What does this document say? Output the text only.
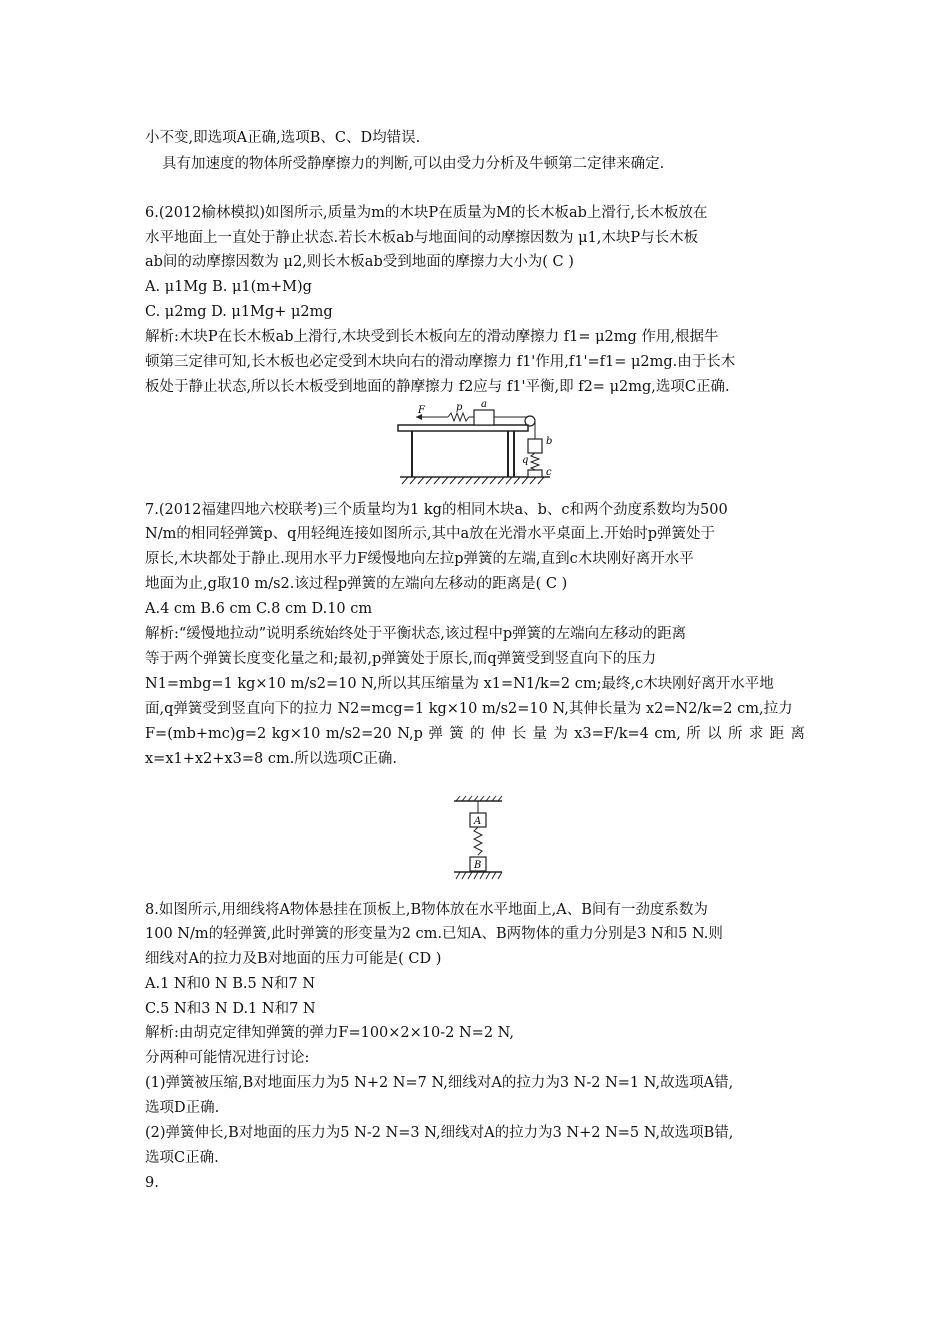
小不变,即选项A正确,选项B、C、D均错误.
具有加速度的物体所受静摩擦力的判断,可以由受力分析及牛顿第二定律来确定.
6.(2012榆林模拟)如图所示,质量为m的木块P在质量为M的长木板ab上滑行,长木板放在
水平地面上一直处于静止状态.若长木板ab与地面间的动摩擦因数为 μ1,木块P与长木板
ab间的动摩擦因数为 μ2,则长木板ab受到地面的摩擦力大小为( C )
A. μ1Mg B. μ1(m+M)g
C. μ2mg D. μ1Mg+ μ2mg
解析:木块P在长木板ab上滑行,木块受到长木板向左的滑动摩擦力 f1= μ2mg 作用,根据牛
顿第三定律可知,长木板也必定受到木块向右的滑动摩擦力 f1'作用,f1'=f1= μ2mg.由于长木
板处于静止状态,所以长木板受到地面的静摩擦力 f2应与 f1'平衡,即 f2= μ2mg,选项C正确.
F	p a
b
q
c
7.(2012福建四地六校联考)三个质量均为1 kg的相同木块a、b、c和两个劲度系数均为500
N/m的相同轻弹簧p、q用轻绳连接如图所示,其中a放在光滑水平桌面上.开始时p弹簧处于
原长,木块都处于静止.现用水平力F缓慢地向左拉p弹簧的左端,直到c木块刚好离开水平
地面为止,g取10 m/s2.该过程p弹簧的左端向左移动的距离是( C )
A.4 cm B.6 cm C.8 cm D.10 cm
解析:“缓慢地拉动”说明系统始终处于平衡状态,该过程中p弹簧的左端向左移动的距离
等于两个弹簧长度变化量之和;最初,p弹簧处于原长,而q弹簧受到竖直向下的压力
N1=mbg=1 kg×10 m/s2=10 N,所以其压缩量为 x1=N1/k=2 cm;最终,c木块刚好离开水平地
面,q弹簧受到竖直向下的拉力 N2=mcg=1 kg×10 m/s2=10 N,其伸长量为 x2=N2/k=2 cm,拉力
F=(mb+mc)g=2 kg×10 m/s2=20 N,p 弹 簧 的 伸 长 量 为 x3=F/k=4 cm, 所 以 所 求 距 离
x=x1+x2+x3=8 cm.所以选项C正确.
A
B
8.如图所示,用细线将A物体悬挂在顶板上,B物体放在水平地面上,A、B间有一劲度系数为
100 N/m的轻弹簧,此时弹簧的形变量为2 cm.已知A、B两物体的重力分别是3 N和5 N.则
细线对A的拉力及B对地面的压力可能是( CD )
A.1 N和0 N B.5 N和7 N
C.5 N和3 N D.1 N和7 N
解析:由胡克定律知弹簧的弹力F=100×2×10-2 N=2 N,
分两种可能情况进行讨论:
(1)弹簧被压缩,B对地面压力为5 N+2 N=7 N,细线对A的拉力为3 N-2 N=1 N,故选项A错,
选项D正确.
(2)弹簧伸长,B对地面的压力为5 N-2 N=3 N,细线对A的拉力为3 N+2 N=5 N,故选项B错,
选项C正确.
9.
